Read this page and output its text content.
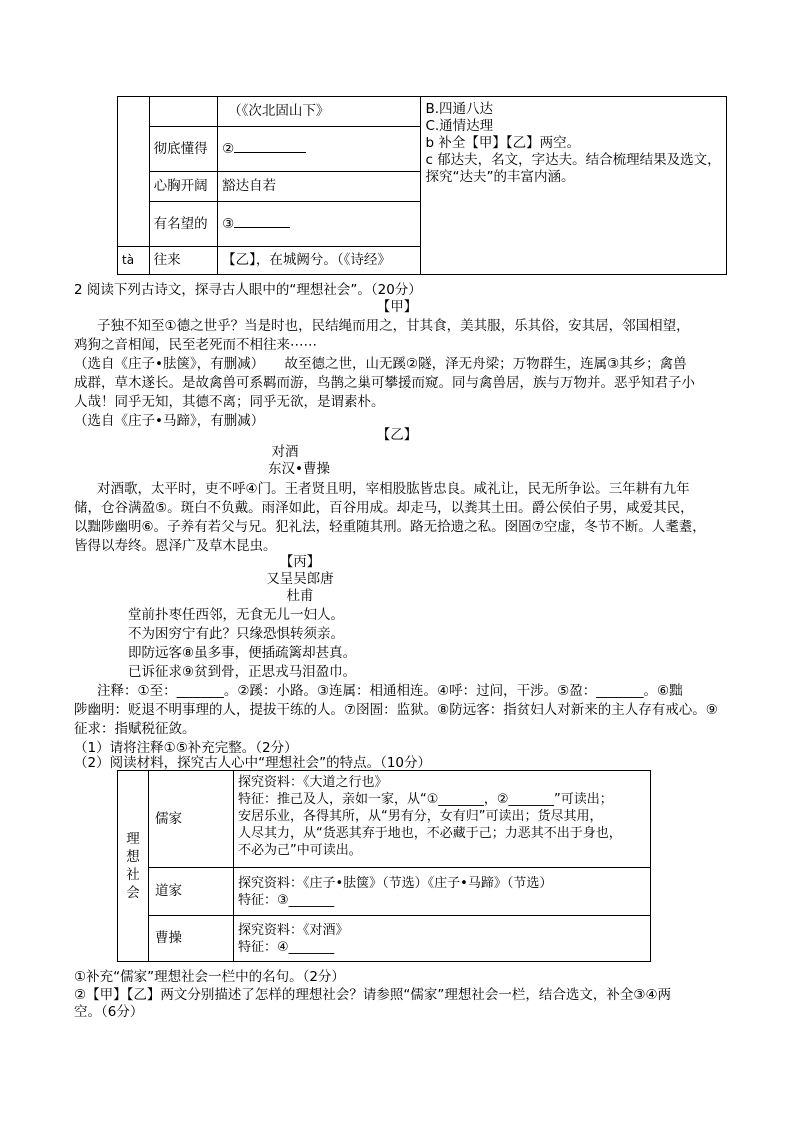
		（《次北固山下》	B.四通八达
C.通情达理
b 补全【甲】【乙】两空。
c 郁达夫，名文，字达夫。结合梳理结果及选文，
探究“达夫”的丰富内涵。

	彻底懂得	②	
	心胸开阔	豁达自若	
	有名望的	③	
tà	往来	【乙】，在城阙兮。（《诗经》	
2 阅读下列古诗文，探寻古人眼中的“理想社会”。（20分）
【甲】
子独不知至①德之世乎？当是时也，民结绳而用之，甘其食，美其服，乐其俗，安其居，邻国相望，
鸡狗之音相闻，民至老死而不相往来⋯⋯
（选自《庄子•胠箧》，有删减）　　故至德之世，山无蹊②隧，泽无舟梁；万物群生，连属③其乡；禽兽
成群，草木遂长。是故禽兽可系羁而游，鸟鹊之巢可攀援而窥。同与禽兽居，族与万物并。恶乎知君子小
人哉！同乎无知，其德不离；同乎无欲，是谓素朴。
（选自《庄子•马蹄》，有删减）
【乙】
对酒
东汉•曹操
对酒歌，太平时，吏不呼④门。王者贤且明，宰相股肱皆忠良。咸礼让，民无所争讼。三年耕有九年
储，仓谷满盈⑤。斑白不负戴。雨泽如此，百谷用成。却走马，以粪其土田。爵公侯伯子男，咸爱其民，
以黜陟幽明⑥。子养有若父与兄。犯礼法，轻重随其刑。路无拾遗之私。囹圄⑦空虚，冬节不断。人耄耋，
皆得以寿终。恩泽广及草木昆虫。
【丙】
又呈吴郎唐
杜甫
堂前扑枣任西邻，无食无儿一妇人。
不为困穷宁有此？只缘恐惧转须亲。
即防远客⑧虽多事，便插疏篱却甚真。
已诉征求⑨贫到骨，正思戎马泪盈巾。
注释：①至：_______。②蹊：小路。③连属：相通相连。④呼：过问，干涉。⑤盈：_______。⑥黜
陟幽明：贬退不明事理的人，提拔干练的人。⑦囹圄：监狱。⑧防远客：指贫妇人对新来的主人存有戒心。⑨
征求：指赋税征敛。
（1）请将注释①⑤补充完整。（2分）
（2）阅读材料，探究古人心中“理想社会”的特点。（10分）
理想社会	儒家	探究资料：《大道之行也》
特征：推己及人，亲如一家，从“①_______，②_______”可读出；
安居乐业，各得其所，从“男有分，女有归”可读出；货尽其用，
人尽其力，从“货恶其弃于地也，不必藏于己；力恶其不出于身也，
不必为己”中可读出。

	道家	探究资料：《庄子•胠箧》（节选）《庄子•马蹄》（节选）
特征：③_______

	曹操	探究资料：《对酒》
特征：④_______
①补充“儒家”理想社会一栏中的名句。（2分）
②【甲】【乙】两文分别描述了怎样的理想社会？请参照“儒家”理想社会一栏，结合选文，补全③④两
空。（6分）
